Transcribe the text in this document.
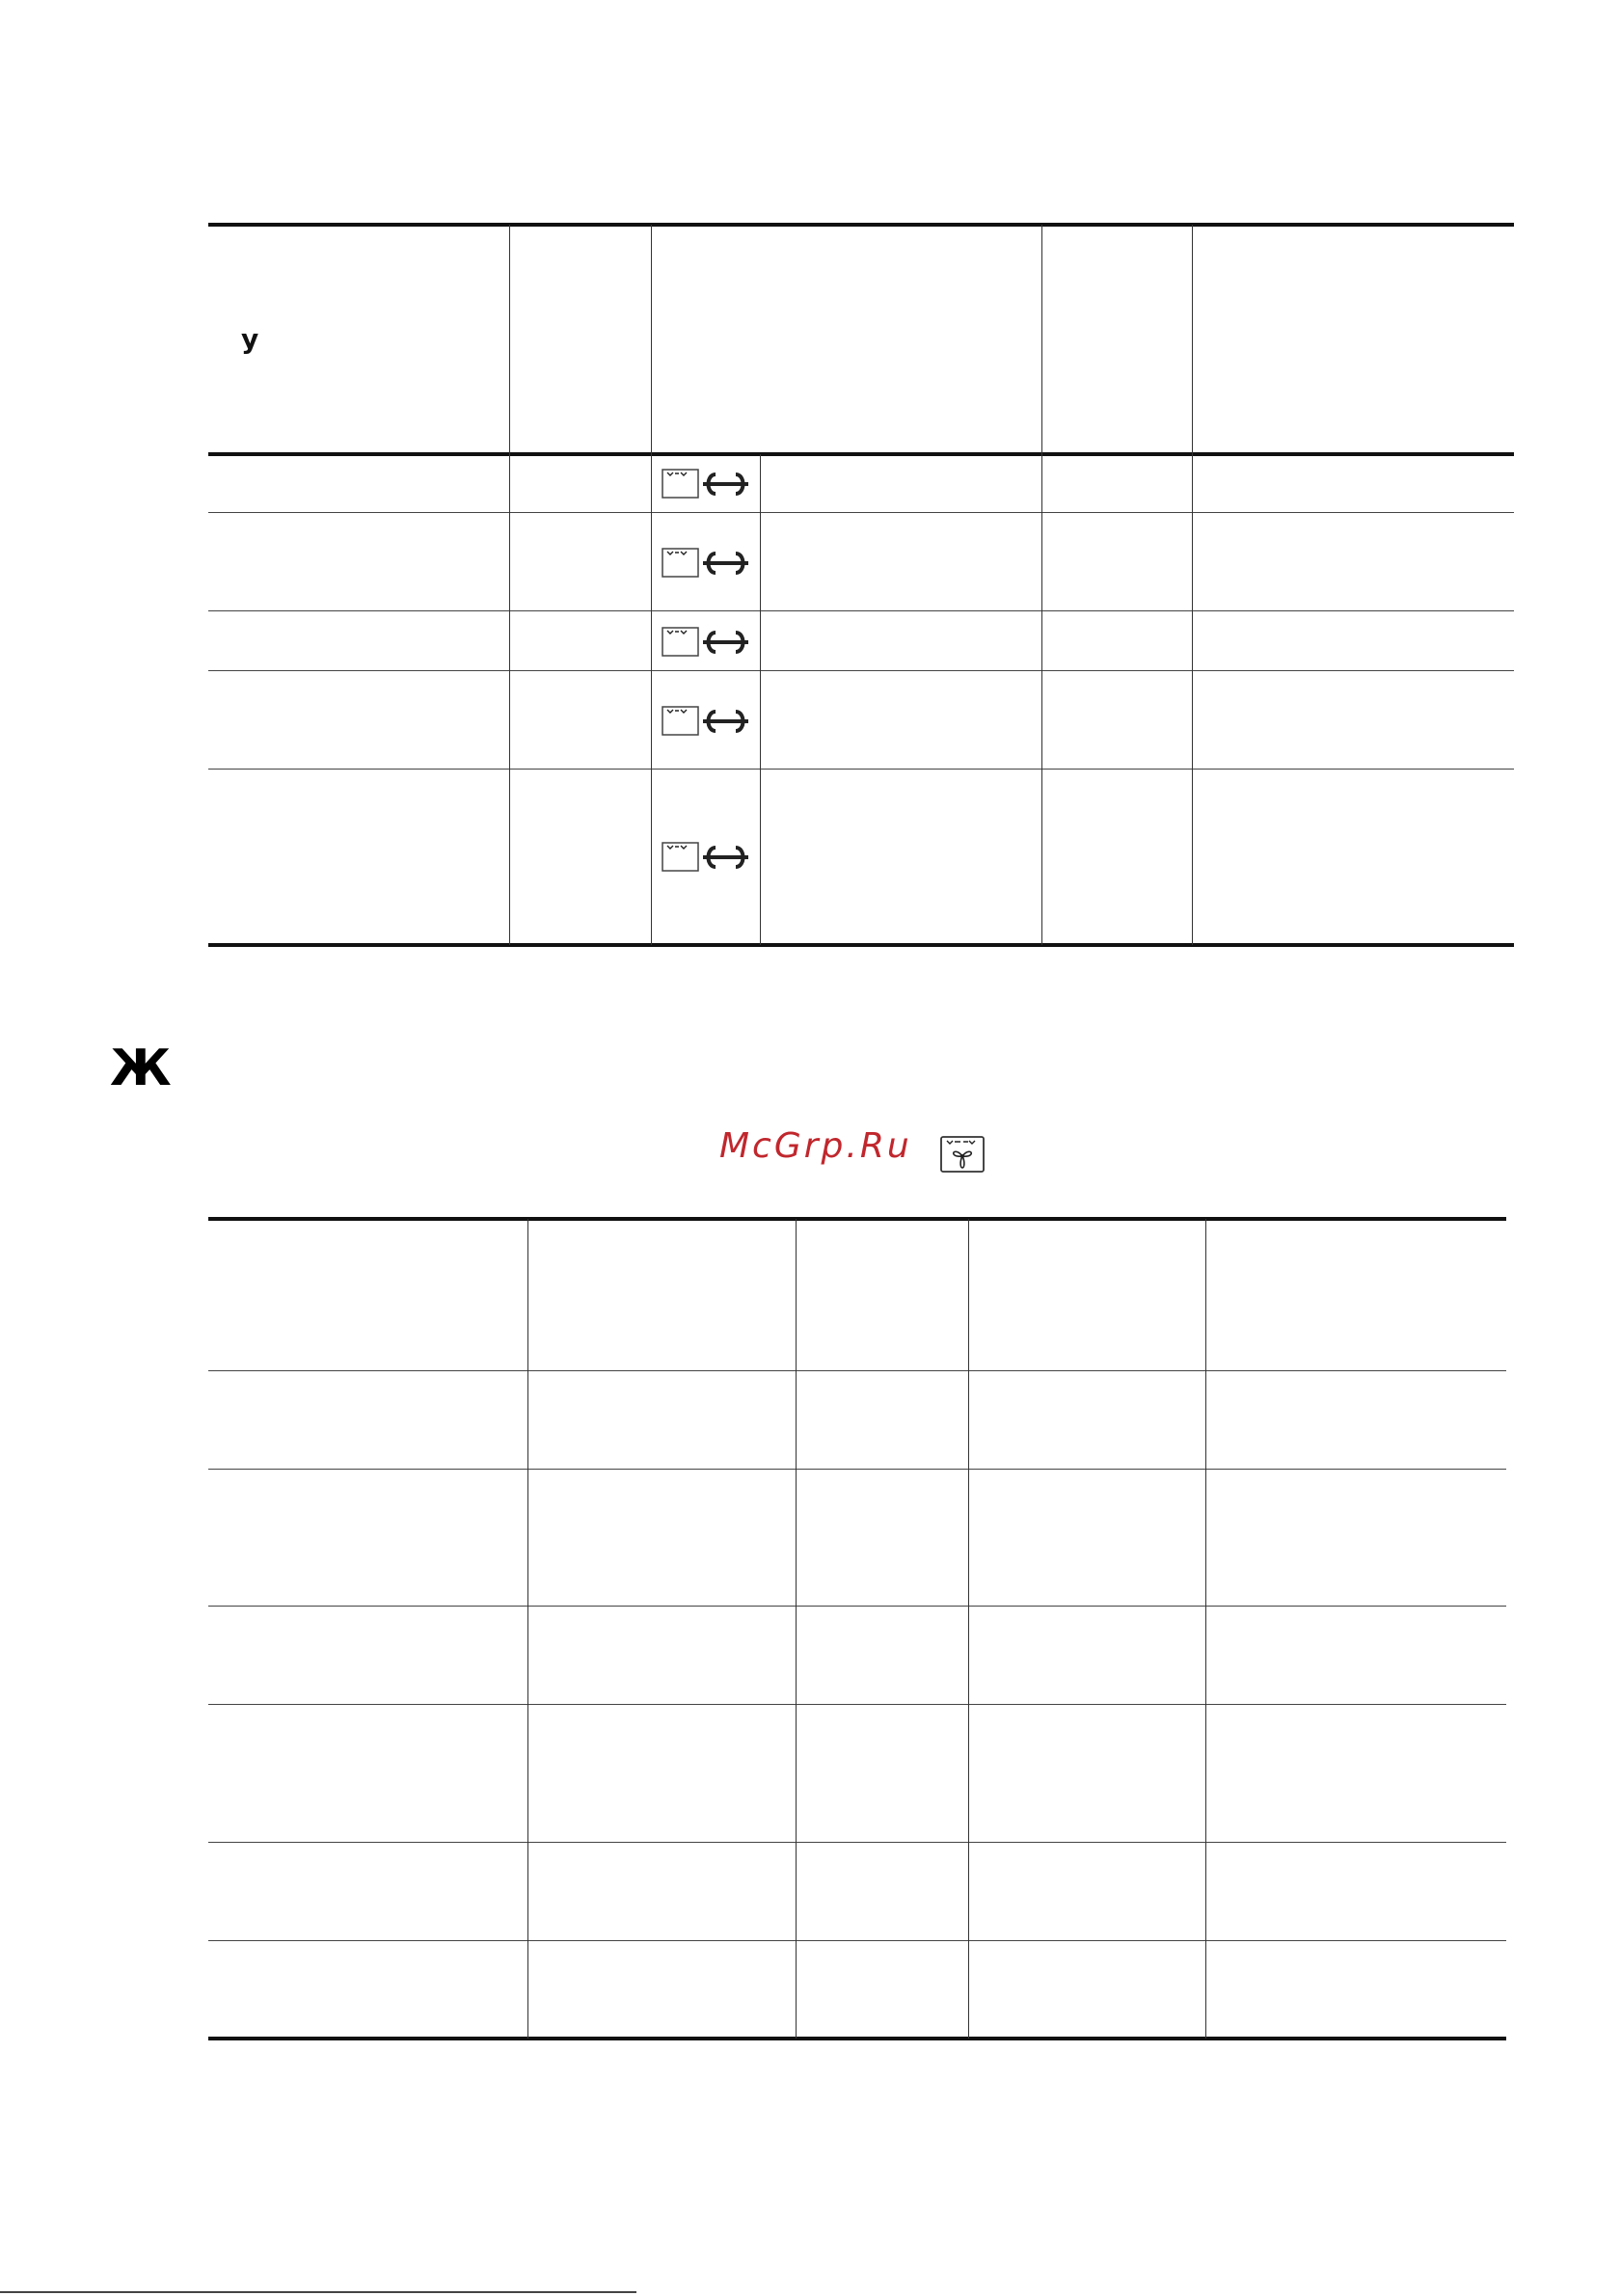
у
Ж
McGrp.Ru
